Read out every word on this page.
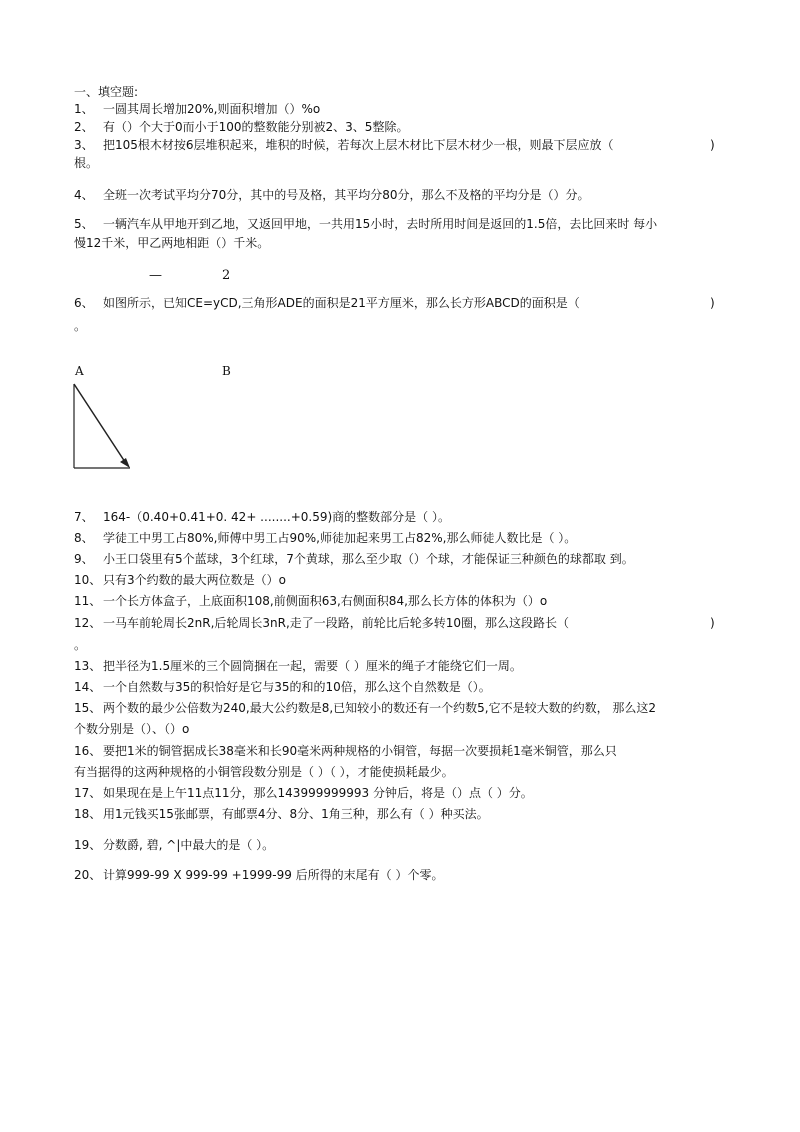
一、填空题:
1、 一圆其周长增加20%,则面积增加（）%o
2、 有（）个大于0而小于100的整数能分别被2、3、5整除。
3、 把105根木材按6层堆积起来，堆积的时候，若每次上层木材比下层木材少一根，则最下层应放（	)
根。
4、 全班一次考试平均分70分，其中的号及格，其平均分80分，那么不及格的平均分是（）分。
5、 一辆汽车从甲地开到乙地，又返回甲地，一共用15小时，去时所用时间是返回的1.5倍，去比回来时 每小
慢12千米，甲乙两地相距（）千米。
—	2
6、 如图所示，已知CE=yCD,三角形ADE的面积是21平方厘米，那么长方形ABCD的面积是（	)
。
A	B
7、 164-（0.40+0.41+0. 42+ ........+0.59)商的整数部分是（ ）。
8、 学徒工中男工占80%,师傅中男工占90%,师徒加起来男工占82%,那么师徒人数比是（ ）。
9、 小王口袋里有5个蓝球，3个红球，7个黄球，那么至少取（）个球，才能保证三种颜色的球都取 到。
10、 只有3个约数的最大两位数是（）o
11、 一个长方体盒子，上底面积108,前侧面积63,右侧面积84,那么长方体的体积为（）o
12、 一马车前轮周长2nR,后轮周长3nR,走了一段路，前轮比后轮多转10圈，那么这段路长（	)
。
13、 把半径为1.5厘米的三个圆筒捆在一起，需要（ ）厘米的绳子才能绕它们一周。
14、 一个自然数与35的积恰好是它与35的和的10倍，那么这个自然数是（）。
15、 两个数的最少公倍数为240,最大公约数是8,已知较小的数还有一个约数5,它不是较大数的约数， 那么这2
个数分别是（）、（）o
16、 要把1米的铜管据成长38毫米和长90毫米两种规格的小铜管，每据一次要损耗1毫米铜管，那么只
有当据得的这两种规格的小铜管段数分别是（ ）（ ），才能使损耗最少。
17、 如果现在是上午11点11分，那么143999999993 分钟后，将是（）点（ ）分。
18、 用1元钱买15张邮票，有邮票4分、8分、1角三种，那么有（ ）种买法。
19、 分数爵, 碧, ^|中最大的是（ ）。
20、 计算999-99 X 999-99 +1999-99 后所得的末尾有（ ）个零。
